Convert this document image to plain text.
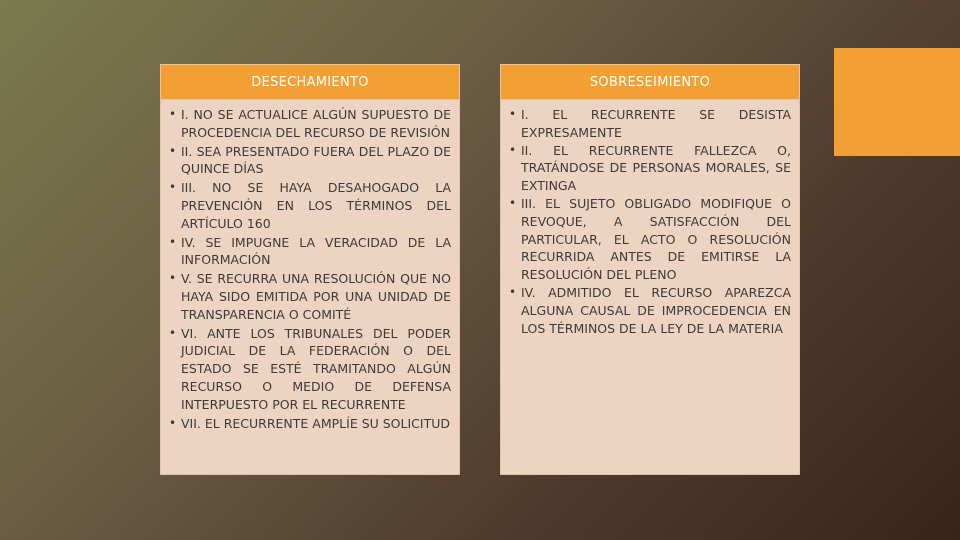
DESECHAMIENTO
• I. NO SE ACTUALICE ALGÚN SUPUESTO DE PROCEDENCIA DEL RECURSO DE REVISIÓN
• II. SEA PRESENTADO FUERA DEL PLAZO DE QUINCE DÍAS
• III. NO SE HAYA DESAHOGADO LA PREVENCIÓN EN LOS TÉRMINOS DEL ARTÍCULO 160
• IV. SE IMPUGNE LA VERACIDAD DE LA INFORMACIÓN
• V. SE RECURRA UNA RESOLUCIÓN QUE NO HAYA SIDO EMITIDA POR UNA UNIDAD DE TRANSPARENCIA O COMITÉ
• VI. ANTE LOS TRIBUNALES DEL PODER JUDICIAL DE LA FEDERACIÓN O DEL ESTADO SE ESTÉ TRAMITANDO ALGÚN RECURSO O MEDIO DE DEFENSA INTERPUESTO POR EL RECURRENTE
• VII. EL RECURRENTE AMPLÍE SU SOLICITUD
SOBRESEIMIENTO
• I. EL RECURRENTE SE DESISTA EXPRESAMENTE
• II. EL RECURRENTE FALLEZCA O, TRATÁNDOSE DE PERSONAS MORALES, SE EXTINGA
• III. EL SUJETO OBLIGADO MODIFIQUE O REVOQUE, A SATISFACCIÓN DEL PARTICULAR, EL ACTO O RESOLUCIÓN RECURRIDA ANTES DE EMITIRSE LA RESOLUCIÓN DEL PLENO
• IV. ADMITIDO EL RECURSO APAREZCA ALGUNA CAUSAL DE IMPROCEDENCIA EN LOS TÉRMINOS DE LA LEY DE LA MATERIA
